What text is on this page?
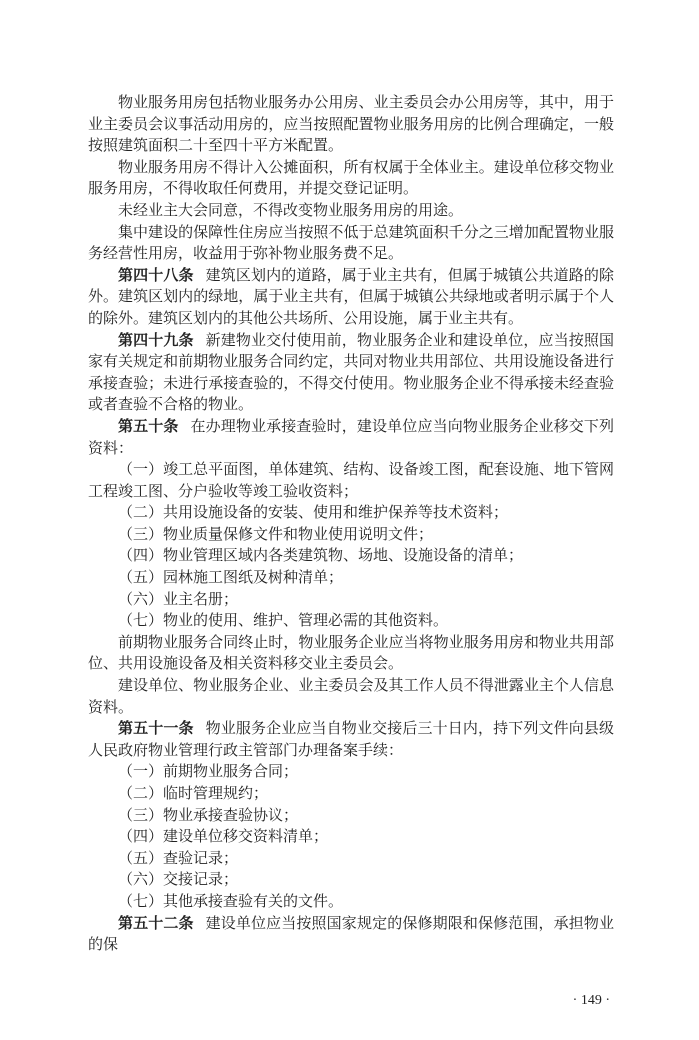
物业服务用房包括物业服务办公用房、业主委员会办公用房等，其中，用于业主委员会议事活动用房的，应当按照配置物业服务用房的比例合理确定，一般按照建筑面积二十至四十平方米配置。

物业服务用房不得计入公摊面积，所有权属于全体业主。建设单位移交物业服务用房，不得收取任何费用，并提交登记证明。

未经业主大会同意，不得改变物业服务用房的用途。

集中建设的保障性住房应当按照不低于总建筑面积千分之三增加配置物业服务经营性用房，收益用于弥补物业服务费不足。

第四十八条 建筑区划内的道路，属于业主共有，但属于城镇公共道路的除外。建筑区划内的绿地，属于业主共有，但属于城镇公共绿地或者明示属于个人的除外。建筑区划内的其他公共场所、公用设施，属于业主共有。

第四十九条 新建物业交付使用前，物业服务企业和建设单位，应当按照国家有关规定和前期物业服务合同约定，共同对物业共用部位、共用设施设备进行承接查验；未进行承接查验的，不得交付使用。物业服务企业不得承接未经查验或者查验不合格的物业。

第五十条 在办理物业承接查验时，建设单位应当向物业服务企业移交下列资料：

（一）竣工总平面图，单体建筑、结构、设备竣工图，配套设施、地下管网工程竣工图、分户验收等竣工验收资料；

（二）共用设施设备的安装、使用和维护保养等技术资料；

（三）物业质量保修文件和物业使用说明文件；

（四）物业管理区域内各类建筑物、场地、设施设备的清单；

（五）园林施工图纸及树种清单；

（六）业主名册；

（七）物业的使用、维护、管理必需的其他资料。

前期物业服务合同终止时，物业服务企业应当将物业服务用房和物业共用部位、共用设施设备及相关资料移交业主委员会。

建设单位、物业服务企业、业主委员会及其工作人员不得泄露业主个人信息资料。

第五十一条 物业服务企业应当自物业交接后三十日内，持下列文件向县级人民政府物业管理行政主管部门办理备案手续：

（一）前期物业服务合同；

（二）临时管理规约；

（三）物业承接查验协议；

（四）建设单位移交资料清单；

（五）查验记录；

（六）交接记录；

（七）其他承接查验有关的文件。

第五十二条 建设单位应当按照国家规定的保修期限和保修范围，承担物业的保

· 149 ·
